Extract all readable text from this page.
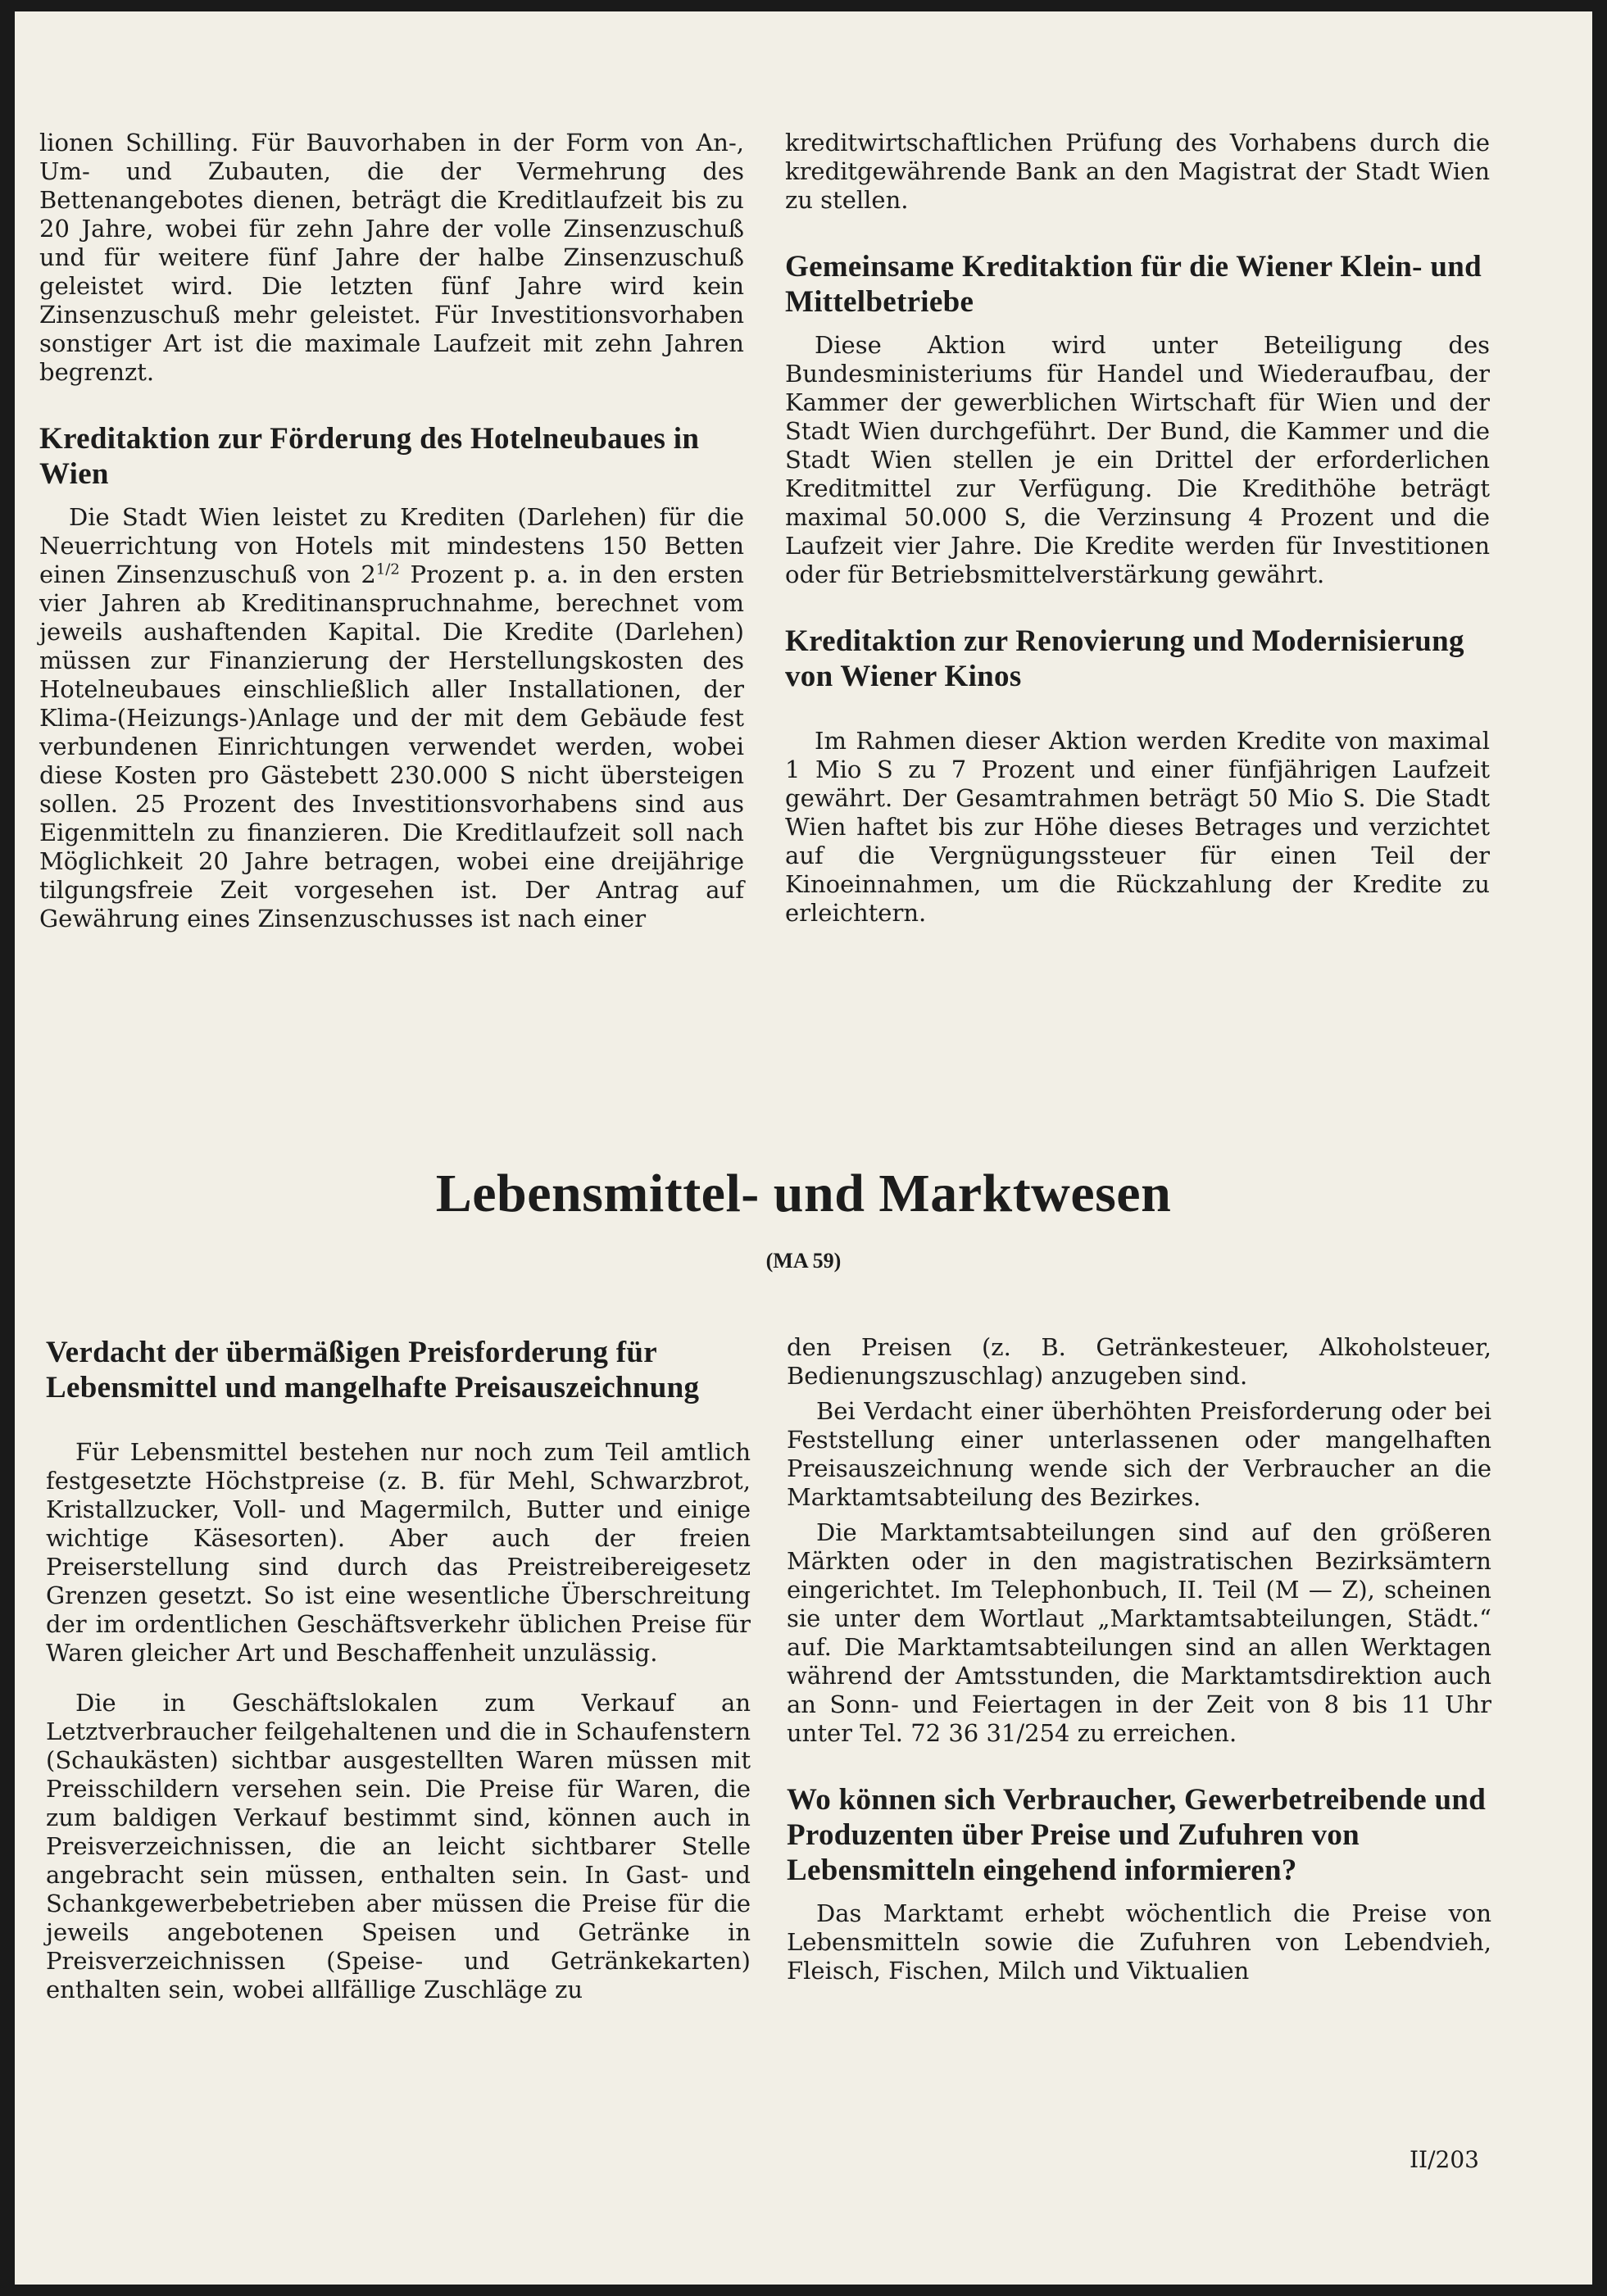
lionen Schilling. Für Bauvorhaben in der Form von An-, Um- und Zubauten, die der Vermehrung des Bettenangebotes dienen, beträgt die Kreditlaufzeit bis zu 20 Jahre, wobei für zehn Jahre der volle Zinsenzuschuß und für weitere fünf Jahre der halbe Zinsenzuschuß geleistet wird. Die letzten fünf Jahre wird kein Zinsenzuschuß mehr geleistet. Für Investitionsvorhaben sonstiger Art ist die maximale Laufzeit mit zehn Jahren begrenzt.

Kreditaktion zur Förderung des Hotelneubaues in Wien

Die Stadt Wien leistet zu Krediten (Darlehen) für die Neuerrichtung von Hotels mit mindestens 150 Betten einen Zinsenzuschuß von $2^{1/2}$ Prozent p. a. in den ersten vier Jahren ab Kreditinanspruchnahme, berechnet vom jeweils aushaftenden Kapital. Die Kredite (Darlehen) müssen zur Finanzierung der Herstellungskosten des Hotelneubaues einschließlich aller Installationen, der Klima-(Heizungs-)Anlage und der mit dem Gebäude fest verbundenen Einrichtungen verwendet werden, wobei diese Kosten pro Gästebett 230.000 S nicht übersteigen sollen. 25 Prozent des Investitionsvorhabens sind aus Eigenmitteln zu finanzieren. Die Kreditlaufzeit soll nach Möglichkeit 20 Jahre betragen, wobei eine dreijährige tilgungsfreie Zeit vorgesehen ist. Der Antrag auf Gewährung eines Zinsenzuschusses ist nach einer

kreditwirtschaftlichen Prüfung des Vorhabens durch die kreditgewährende Bank an den Magistrat der Stadt Wien zu stellen.

Gemeinsame Kreditaktion für die Wiener Klein- und Mittelbetriebe

Diese Aktion wird unter Beteiligung des Bundesministeriums für Handel und Wiederaufbau, der Kammer der gewerblichen Wirtschaft für Wien und der Stadt Wien durchgeführt. Der Bund, die Kammer und die Stadt Wien stellen je ein Drittel der erforderlichen Kreditmittel zur Verfügung. Die Kredithöhe beträgt maximal 50.000 S, die Verzinsung 4 Prozent und die Laufzeit vier Jahre. Die Kredite werden für Investitionen oder für Betriebsmittelverstärkung gewährt.

Kreditaktion zur Renovierung und Modernisierung von Wiener Kinos

Im Rahmen dieser Aktion werden Kredite von maximal 1 Mio S zu 7 Prozent und einer fünfjährigen Laufzeit gewährt. Der Gesamtrahmen beträgt 50 Mio S. Die Stadt Wien haftet bis zur Höhe dieses Betrages und verzichtet auf die Vergnügungssteuer für einen Teil der Kinoeinnahmen, um die Rückzahlung der Kredite zu erleichtern.

Lebensmittel- und Marktwesen

(MA 59)

Verdacht der übermäßigen Preisforderung für Lebensmittel und mangelhafte Preisauszeichnung

Für Lebensmittel bestehen nur noch zum Teil amtlich festgesetzte Höchstpreise (z. B. für Mehl, Schwarzbrot, Kristallzucker, Voll- und Magermilch, Butter und einige wichtige Käsesorten). Aber auch der freien Preiserstellung sind durch das Preistreibereigesetz Grenzen gesetzt. So ist eine wesentliche Überschreitung der im ordentlichen Geschäftsverkehr üblichen Preise für Waren gleicher Art und Beschaffenheit unzulässig.

Die in Geschäftslokalen zum Verkauf an Letztverbraucher feilgehaltenen und die in Schaufenstern (Schaukästen) sichtbar ausgestellten Waren müssen mit Preisschildern versehen sein. Die Preise für Waren, die zum baldigen Verkauf bestimmt sind, können auch in Preisverzeichnissen, die an leicht sichtbarer Stelle angebracht sein müssen, enthalten sein. In Gast- und Schankgewerbebetrieben aber müssen die Preise für die jeweils angebotenen Speisen und Getränke in Preisverzeichnissen (Speise- und Getränkekarten) enthalten sein, wobei allfällige Zuschläge zu

den Preisen (z. B. Getränkesteuer, Alkoholsteuer, Bedienungszuschlag) anzugeben sind.

Bei Verdacht einer überhöhten Preisforderung oder bei Feststellung einer unterlassenen oder mangelhaften Preisauszeichnung wende sich der Verbraucher an die Marktamtsabteilung des Bezirkes.

Die Marktamtsabteilungen sind auf den größeren Märkten oder in den magistratischen Bezirksämtern eingerichtet. Im Telephonbuch, II. Teil (M — Z), scheinen sie unter dem Wortlaut „Marktamtsabteilungen, Städt.“ auf. Die Marktamtsabteilungen sind an allen Werktagen während der Amtsstunden, die Marktamtsdirektion auch an Sonn- und Feiertagen in der Zeit von 8 bis 11 Uhr unter Tel. 72 36 31/254 zu erreichen.

Wo können sich Verbraucher, Gewerbetreibende und Produzenten über Preise und Zufuhren von Lebensmitteln eingehend informieren?

Das Marktamt erhebt wöchentlich die Preise von Lebensmitteln sowie die Zufuhren von Lebendvieh, Fleisch, Fischen, Milch und Viktualien

II/203
